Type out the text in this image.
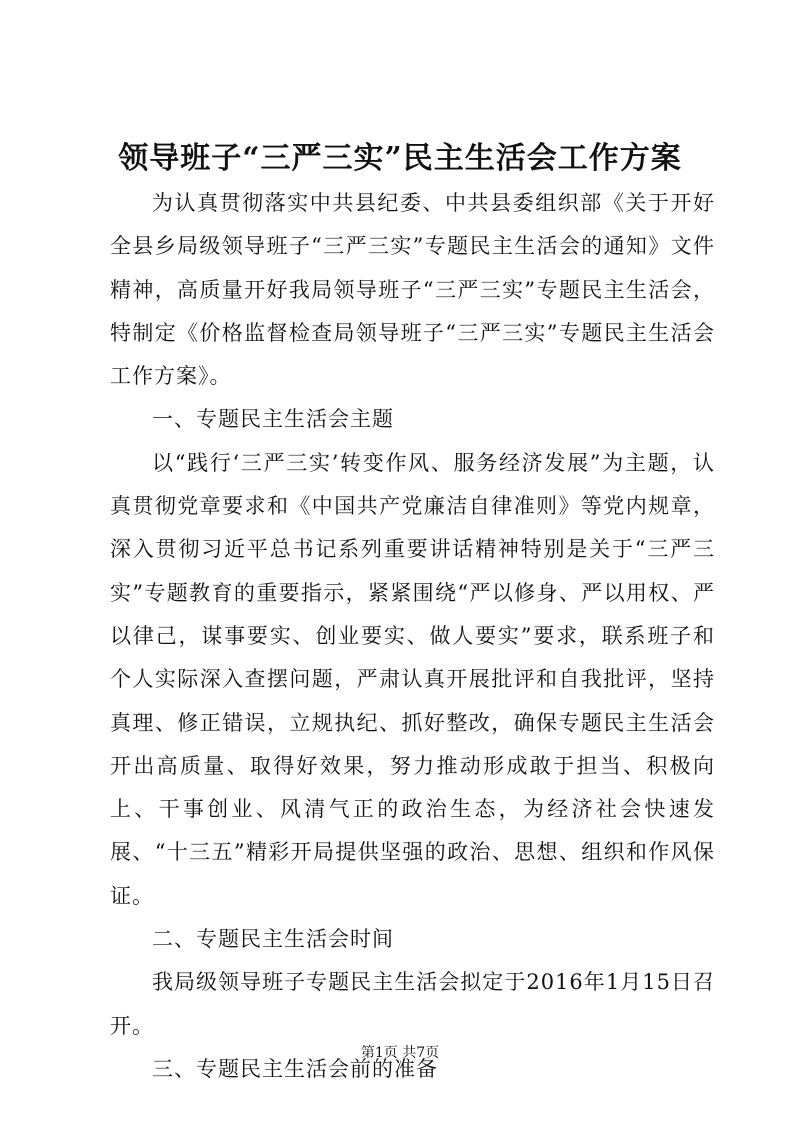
领导班子“三严三实”民主生活会工作方案

为认真贯彻落实中共县纪委、中共县委组织部《关于开好全县乡局级领导班子“三严三实”专题民主生活会的通知》文件精神，高质量开好我局领导班子“三严三实”专题民主生活会，特制定《价格监督检查局领导班子“三严三实”专题民主生活会工作方案》。

一、专题民主生活会主题

以“践行‘三严三实’转变作风、服务经济发展”为主题，认真贯彻党章要求和《中国共产党廉洁自律准则》等党内规章，深入贯彻习近平总书记系列重要讲话精神特别是关于“三严三实”专题教育的重要指示，紧紧围绕“严以修身、严以用权、严以律己，谋事要实、创业要实、做人要实”要求，联系班子和个人实际深入查摆问题，严肃认真开展批评和自我批评，坚持真理、修正错误，立规执纪、抓好整改，确保专题民主生活会开出高质量、取得好效果，努力推动形成敢于担当、积极向上、干事创业、风清气正的政治生态，为经济社会快速发展、“十三五”精彩开局提供坚强的政治、思想、组织和作风保证。

二、专题民主生活会时间

我局级领导班子专题民主生活会拟定于2016年1月15日召开。

三、专题民主生活会前的准备

第1页 共7页
